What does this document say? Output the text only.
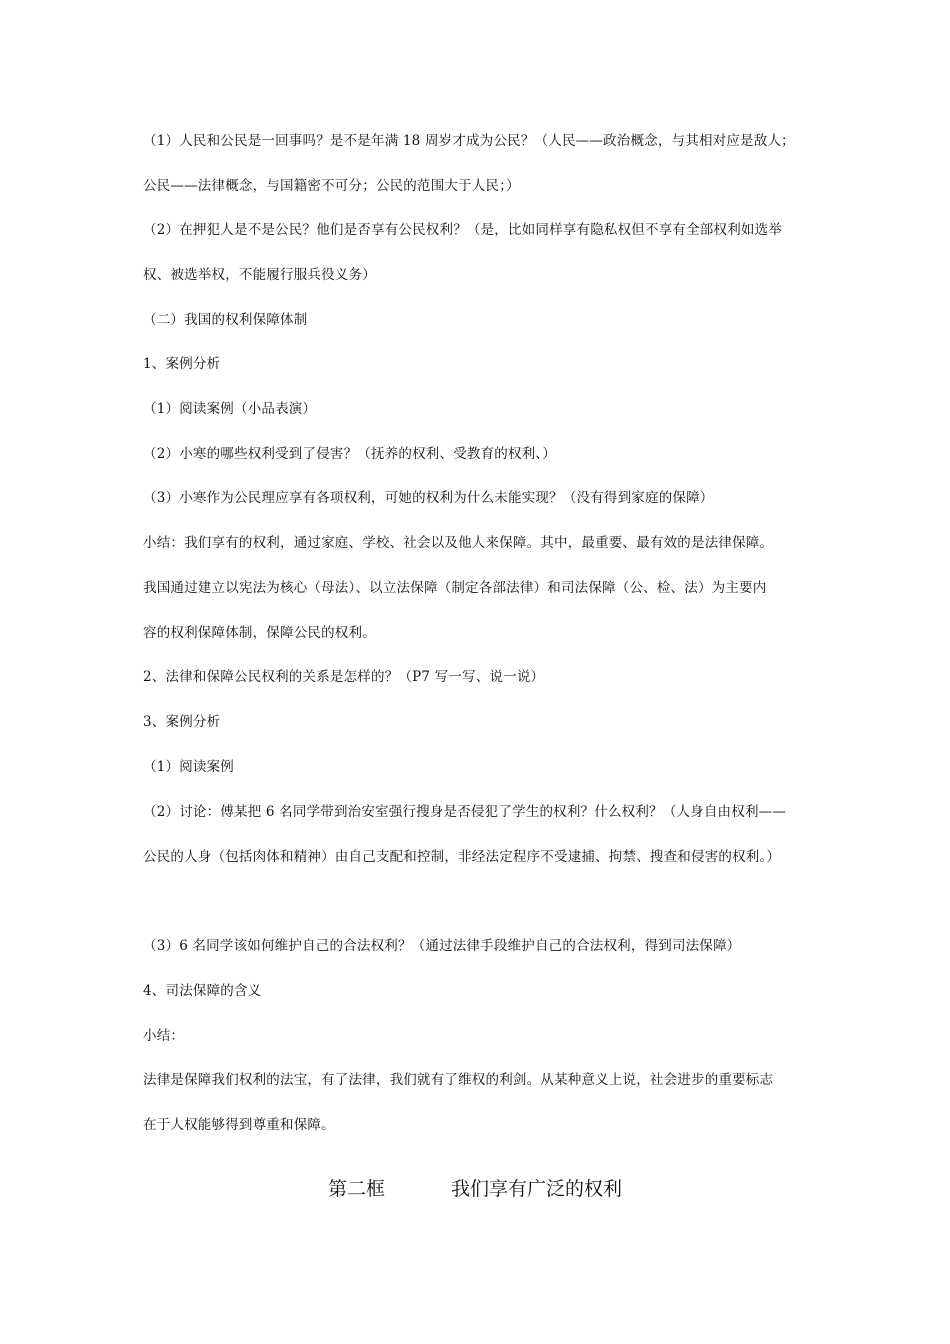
（1）人民和公民是一回事吗？是不是年满 18 周岁才成为公民？（人民——政治概念，与其相对应是敌人；
公民——法律概念，与国籍密不可分；公民的范围大于人民；）
（2）在押犯人是不是公民？他们是否享有公民权利？（是，比如同样享有隐私权但不享有全部权利如选举
权、被选举权，不能履行服兵役义务）
（二）我国的权利保障体制
1、案例分析
（1）阅读案例（小品表演）
（2）小寒的哪些权利受到了侵害？（抚养的权利、受教育的权利、）
（3）小寒作为公民理应享有各项权利，可她的权利为什么未能实现？（没有得到家庭的保障）
小结：我们享有的权利，通过家庭、学校、社会以及他人来保障。其中，最重要、最有效的是法律保障。
我国通过建立以宪法为核心（母法）、以立法保障（制定各部法律）和司法保障（公、检、法）为主要内
容的权利保障体制，保障公民的权利。
2、法律和保障公民权利的关系是怎样的？（P7 写一写、说一说）
3、案例分析
（1）阅读案例
（2）讨论：傅某把 6 名同学带到治安室强行搜身是否侵犯了学生的权利？什么权利？（人身自由权利——
公民的人身（包括肉体和精神）由自己支配和控制，非经法定程序不受逮捕、拘禁、搜查和侵害的权利。）
（3）6 名同学该如何维护自己的合法权利？（通过法律手段维护自己的合法权利，得到司法保障）
4、司法保障的含义
小结：
法律是保障我们权利的法宝，有了法律，我们就有了维权的利剑。从某种意义上说，社会进步的重要标志
在于人权能够得到尊重和保障。
第二框	我们享有广泛的权利
